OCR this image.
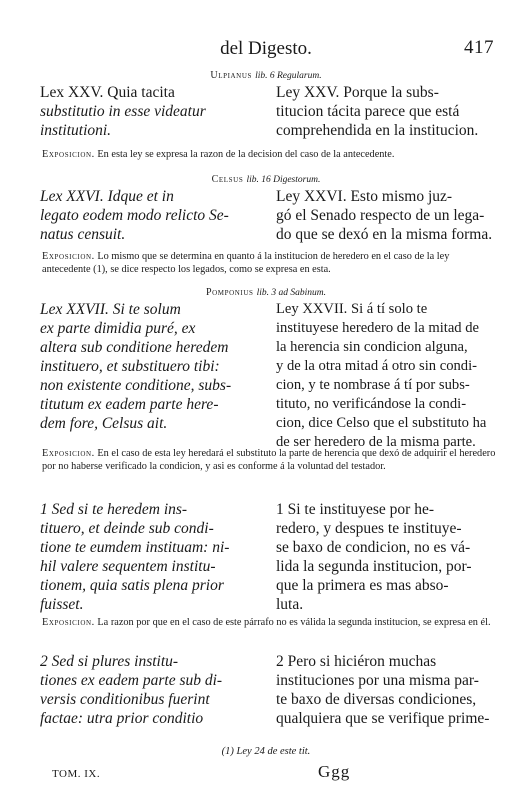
del Digesto.	417
Ulpianus lib. 6 Regularum.
Lex XXV. Quia tacita
substitutio in esse videatur
institutioni.
Ley XXV. Porque la subs-
titucion tácita parece que está
comprehendida en la institucion.
Exposicion. En esta ley se expresa la razon de la decision del caso de la antecedente.
Celsus lib. 16 Digestorum.
Lex XXVI. Idque et in
legato eodem modo relicto Se-
natus censuit.
Ley XXVI. Esto mismo juz-
gó el Senado respecto de un lega-
do que se dexó en la misma forma.
Exposicion. Lo mismo que se determina en quanto á la institucion de heredero en el caso de la ley antecedente (1), se dice respecto los legados, como se expresa en esta.
Pomponius lib. 3 ad Sabinum.
Lex XXVII. Si te solum
ex parte dimidia puré, ex
altera sub conditione heredem
instituero, et substituero tibi:
non existente conditione, subs-
titutum ex eadem parte here-
dem fore, Celsus ait.
Ley XXVII. Si á tí solo te
instituyese heredero de la mitad de
la herencia sin condicion alguna,
y de la otra mitad á otro sin condi-
cion, y te nombrase á tí por subs-
tituto, no verificándose la condi-
cion, dice Celso que el substituto ha
de ser heredero de la misma parte.
Exposicion. En el caso de esta ley heredará el substituto la parte de herencia que dexó de adquirir el heredero por no haberse verificado la condicion, y asi es conforme á la voluntad del testador.
1 Sed si te heredem ins-
tituero, et deinde sub condi-
tione te eumdem instituam: ni-
hil valere sequentem institu-
tionem, quia satis plena prior
fuisset.
1 Si te instituyese por he-
redero, y despues te instituye-
se baxo de condicion, no es vá-
lida la segunda institucion, por-
que la primera es mas abso-
luta.
Exposicion. La razon por que en el caso de este párrafo no es válida la segunda institucion, se expresa en él.
2 Sed si plures institu-
tiones ex eadem parte sub di-
versis conditionibus fuerint
factae: utra prior conditio
2 Pero si hiciéron muchas
instituciones por una misma par-
te baxo de diversas condiciones,
qualquiera que se verifique prime-
(1) Ley 24 de este tit.
TOM. IX.	Ggg
